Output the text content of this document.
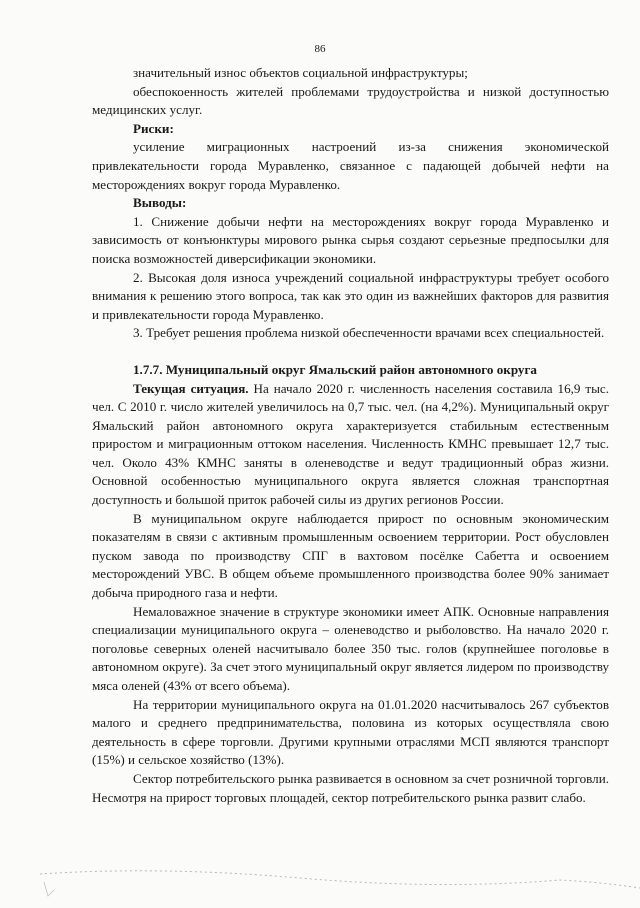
86

значительный износ объектов социальной инфраструктуры;

обеспокоенность жителей проблемами трудоустройства и низкой доступностью медицинских услуг.

Риски:

усиление миграционных настроений из-за снижения экономической привлекательности города Муравленко, связанное с падающей добычей нефти на месторождениях вокруг города Муравленко.

Выводы:

1. Снижение добычи нефти на месторождениях вокруг города Муравленко и зависимость от конъюнктуры мирового рынка сырья создают серьезные предпосылки для поиска возможностей диверсификации экономики.

2. Высокая доля износа учреждений социальной инфраструктуры требует особого внимания к решению этого вопроса, так как это один из важнейших факторов для развития и привлекательности города Муравленко.

3. Требует решения проблема низкой обеспеченности врачами всех специальностей.

1.7.7. Муниципальный округ Ямальский район автономного округа

Текущая ситуация. На начало 2020 г. численность населения составила 16,9 тыс. чел. С 2010 г. число жителей увеличилось на 0,7 тыс. чел. (на 4,2%). Муниципальный округ Ямальский район автономного округа характеризуется стабильным естественным приростом и миграционным оттоком населения. Численность КМНС превышает 12,7 тыс. чел. Около 43% КМНС заняты в оленеводстве и ведут традиционный образ жизни. Основной особенностью муниципального округа является сложная транспортная доступность и большой приток рабочей силы из других регионов России.

В муниципальном округе наблюдается прирост по основным экономическим показателям в связи с активным промышленным освоением территории. Рост обусловлен пуском завода по производству СПГ в вахтовом посёлке Сабетта и освоением месторождений УВС. В общем объеме промышленного производства более 90% занимает добыча природного газа и нефти.

Немаловажное значение в структуре экономики имеет АПК. Основные направления специализации муниципального округа – оленеводство и рыболовство. На начало 2020 г. поголовье северных оленей насчитывало более 350 тыс. голов (крупнейшее поголовье в автономном округе). За счет этого муниципальный округ является лидером по производству мяса оленей (43% от всего объема).

На территории муниципального округа на 01.01.2020 насчитывалось 267 субъектов малого и среднего предпринимательства, половина из которых осуществляла свою деятельность в сфере торговли. Другими крупными отраслями МСП являются транспорт (15%) и сельское хозяйство (13%).

Сектор потребительского рынка развивается в основном за счет розничной торговли. Несмотря на прирост торговых площадей, сектор потребительского рынка развит слабо.
